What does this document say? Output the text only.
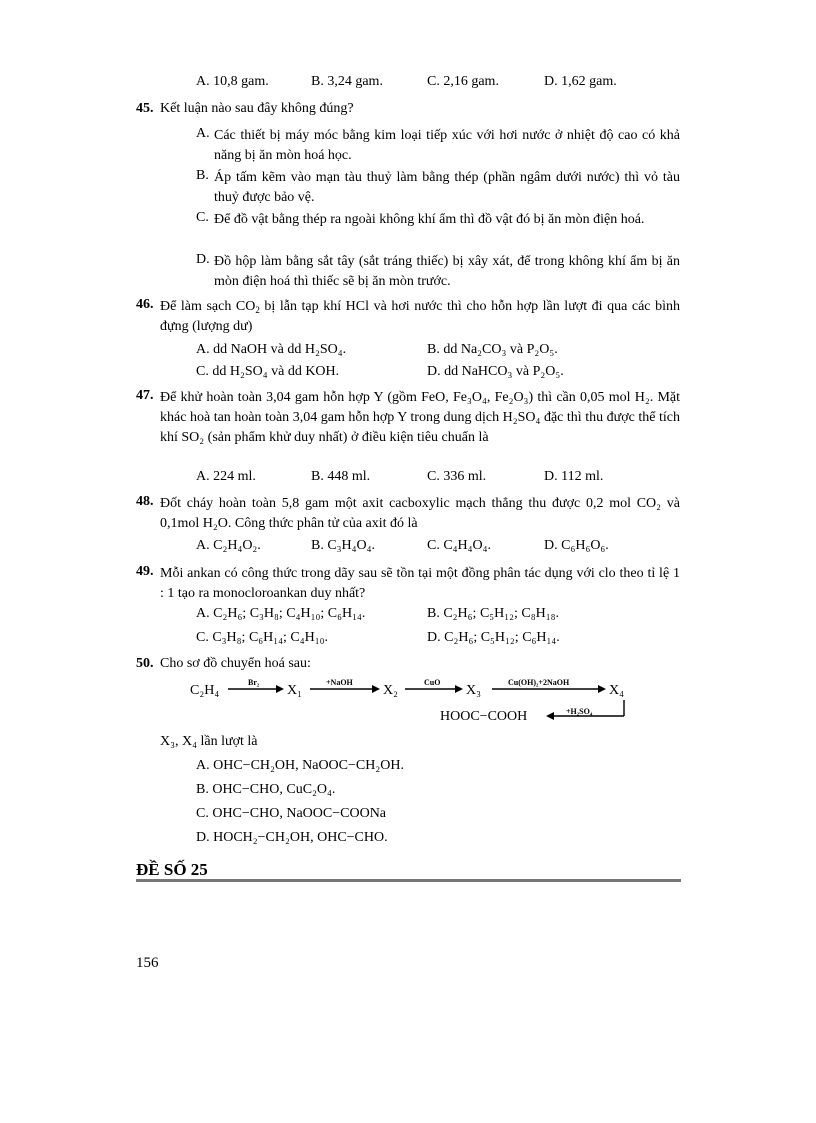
A. 10,8 gam.	B. 3,24 gam.	C. 2,16 gam.	D. 1,62 gam.
45. Kết luận nào sau đây không đúng?
A. Các thiết bị máy móc bằng kim loại tiếp xúc với hơi nước ở nhiệt độ cao có khả năng bị ăn mòn hoá học.
B. Áp tấm kẽm vào mạn tàu thuỷ làm bằng thép (phần ngâm dưới nước) thì vỏ tàu thuỷ được bảo vệ.
C. Để đồ vật bằng thép ra ngoài không khí ẩm thì đồ vật đó bị ăn mòn điện hoá.
D. Đồ hộp làm bằng sắt tây (sắt tráng thiếc) bị xây xát, để trong không khí ẩm bị ăn mòn điện hoá thì thiếc sẽ bị ăn mòn trước.
46. Để làm sạch $CO_2$ bị lẫn tạp khí HCl và hơi nước thì cho hỗn hợp lần lượt đi qua các bình đựng (lượng dư)
A. dd NaOH và dd H₂SO₄.	B. dd Na₂CO₃ và P₂O₅.
C. dd H₂SO₄ và dd KOH.	D. dd NaHCO₃ và P₂O₅.
47. Để khử hoàn toàn 3,04 gam hỗn hợp Y (gồm FeO, Fe₃O₄, Fe₂O₃) thì cần 0,05 mol H₂. Mặt khác hoà tan hoàn toàn 3,04 gam hỗn hợp Y trong dung dịch H₂SO₄ đặc thì thu được thể tích khí SO₂ (sản phẩm khử duy nhất) ở điều kiện tiêu chuẩn là
A. 224 ml.	B. 448 ml.	C. 336 ml.	D. 112 ml.
48. Đốt cháy hoàn toàn 5,8 gam một axit cacboxylic mạch thẳng thu được 0,2 mol CO₂ và 0,1mol H₂O. Công thức phân tử của axit đó là
A. C₂H₄O₂.	B. C₃H₄O₄.	C. C₄H₄O₄.	D. C₆H₆O₆.
49. Mỗi ankan có công thức trong dãy sau sẽ tồn tại một đồng phân tác dụng với clo theo tỉ lệ 1 : 1 tạo ra monocloroankan duy nhất?
A. C₂H₆; C₃H₈; C₄H₁₀; C₆H₁₄.	B. C₂H₆; C₅H₁₂; C₈H₁₈.
C. C₃H₈; C₆H₁₄; C₄H₁₀.	D. C₂H₆; C₅H₁₂; C₆H₁₄.
50. Cho sơ đồ chuyển hoá sau:
C₂H₄
Br₂
X₁
+NaOH
X₂
CuO
X₃
Cu(OH)₂+2NaOH
X₄
+H₂SO₄
HOOC−COOH
X₃, X₄ lần lượt là
A. OHC−CH₂OH, NaOOC−CH₂OH.
B. OHC−CHO, CuC₂O₄.
C. OHC−CHO, NaOOC−COONa
D. HOCH₂−CH₂OH, OHC−CHO.
ĐỀ SỐ 25
156
